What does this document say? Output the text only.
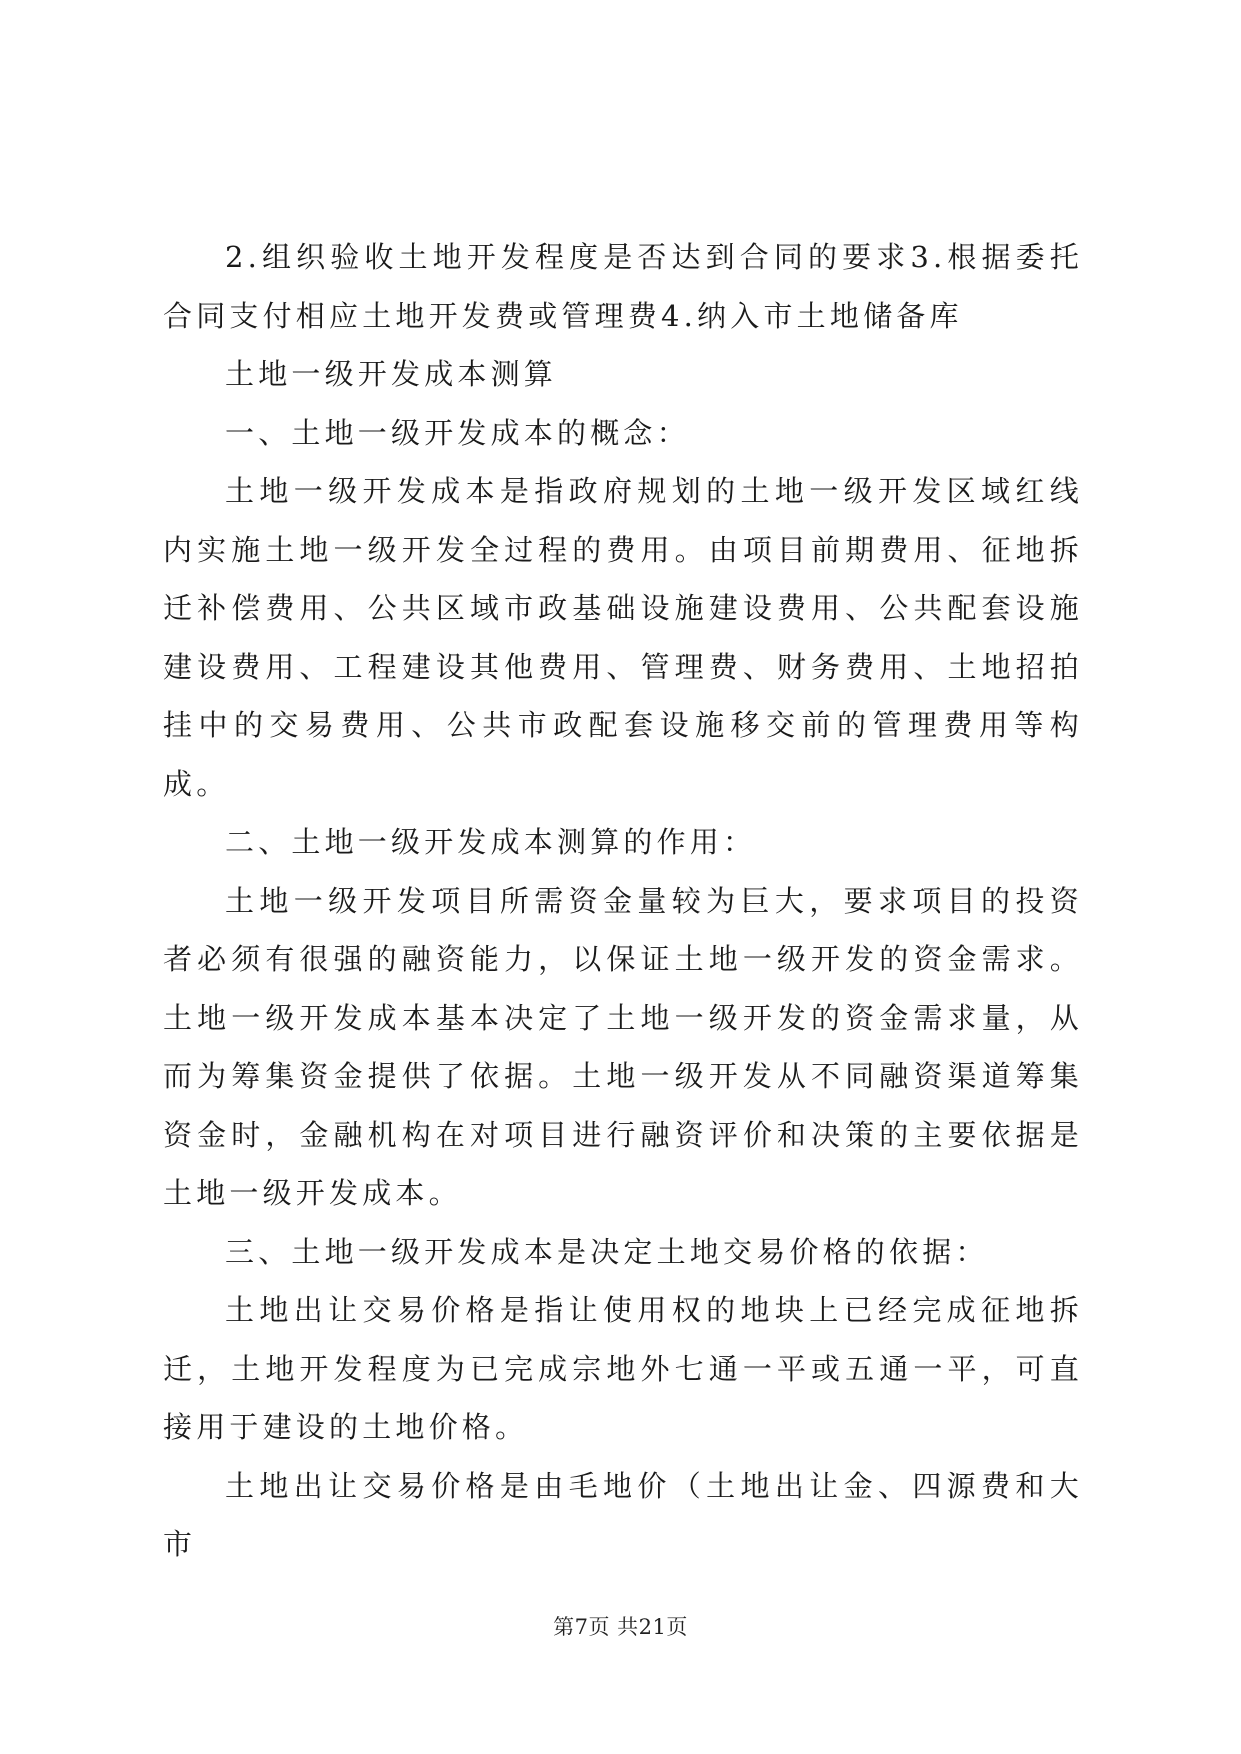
2.组织验收土地开发程度是否达到合同的要求3.根据委托合同支付相应土地开发费或管理费4.纳入市土地储备库

土地一级开发成本测算

一、土地一级开发成本的概念：

土地一级开发成本是指政府规划的土地一级开发区域红线内实施土地一级开发全过程的费用。由项目前期费用、征地拆迁补偿费用、公共区域市政基础设施建设费用、公共配套设施建设费用、工程建设其他费用、管理费、财务费用、土地招拍挂中的交易费用、公共市政配套设施移交前的管理费用等构成。

二、土地一级开发成本测算的作用：

土地一级开发项目所需资金量较为巨大，要求项目的投资者必须有很强的融资能力，以保证土地一级开发的资金需求。土地一级开发成本基本决定了土地一级开发的资金需求量，从而为筹集资金提供了依据。土地一级开发从不同融资渠道筹集资金时，金融机构在对项目进行融资评价和决策的主要依据是土地一级开发成本。

三、土地一级开发成本是决定土地交易价格的依据：

土地出让交易价格是指让使用权的地块上已经完成征地拆迁，土地开发程度为已完成宗地外七通一平或五通一平，可直接用于建设的土地价格。

土地出让交易价格是由毛地价（土地出让金、四源费和大市

第7页 共21页
